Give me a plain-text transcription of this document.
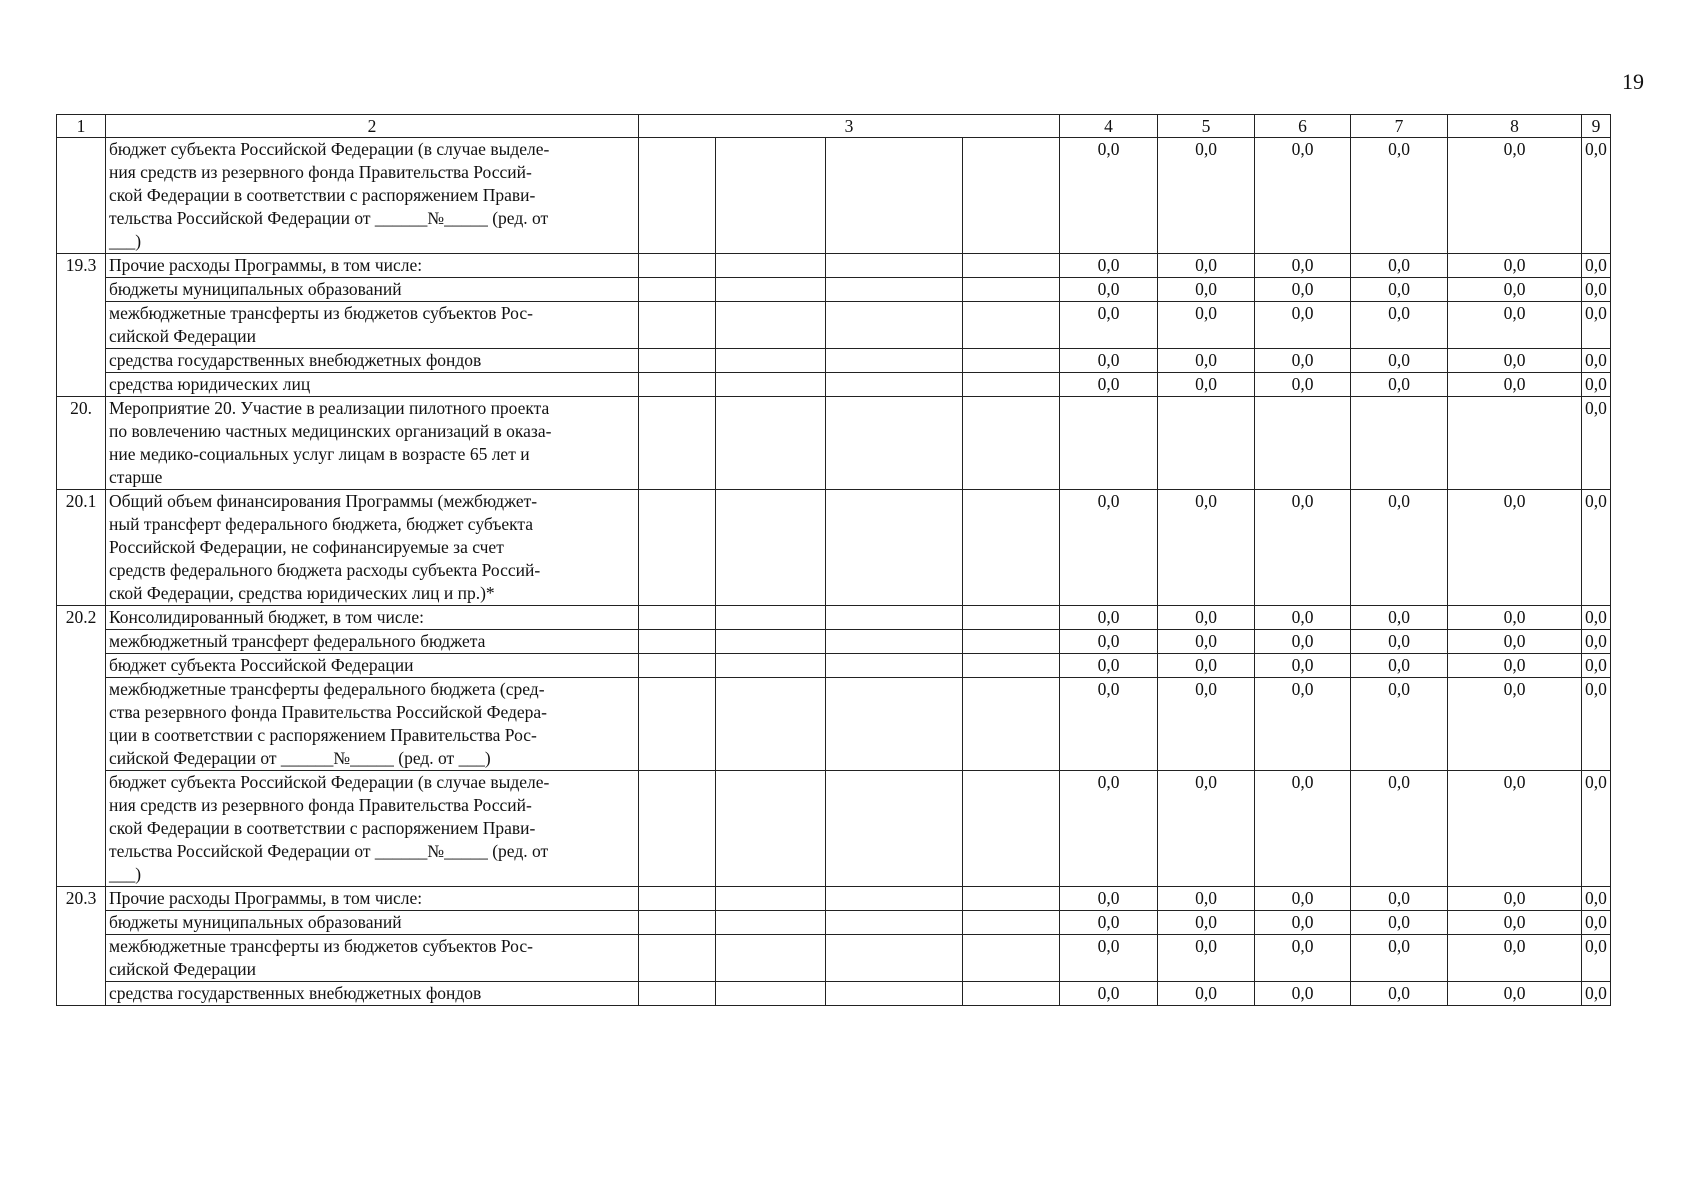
19
1	2	3				4	5	6	7	8	9
	бюджет субъекта Российской Федерации (в случае выделе-
ния средств из резервного фонда Правительства Россий-
ской Федерации в соответствии с распоряжением Прави-
тельства Российской Федерации от ______№_____ (ред. от
___)					0,0	0,0	0,0	0,0	0,0	0,0
19.3	Прочие расходы Программы, в том числе:					0,0	0,0	0,0	0,0	0,0	0,0
	бюджеты муниципальных образований					0,0	0,0	0,0	0,0	0,0	0,0
	межбюджетные трансферты из бюджетов субъектов Рос-
сийской Федерации					0,0	0,0	0,0	0,0	0,0	0,0
	средства государственных внебюджетных фондов					0,0	0,0	0,0	0,0	0,0	0,0
	средства юридических лиц					0,0	0,0	0,0	0,0	0,0	0,0
20.	Мероприятие 20. Участие в реализации пилотного проекта
по вовлечению частных медицинских организаций в оказа-
ние медико-социальных услуг лицам в возрасте 65 лет и
старше										0,0
20.1	Общий объем финансирования Программы (межбюджет-
ный трансферт федерального бюджета, бюджет субъекта
Российской Федерации, не софинансируемые за счет
средств федерального бюджета расходы субъекта Россий-
ской Федерации, средства юридических лиц и пр.)*					0,0	0,0	0,0	0,0	0,0	0,0
20.2	Консолидированный бюджет, в том числе:					0,0	0,0	0,0	0,0	0,0	0,0
	межбюджетный трансферт федерального бюджета					0,0	0,0	0,0	0,0	0,0	0,0
	бюджет субъекта Российской Федерации					0,0	0,0	0,0	0,0	0,0	0,0
	межбюджетные трансферты федерального бюджета (сред-
ства резервного фонда Правительства Российской Федера-
ции в соответствии с распоряжением Правительства Рос-
сийской Федерации от ______№_____ (ред. от ___)					0,0	0,0	0,0	0,0	0,0	0,0
	бюджет субъекта Российской Федерации (в случае выделе-
ния средств из резервного фонда Правительства Россий-
ской Федерации в соответствии с распоряжением Прави-
тельства Российской Федерации от ______№_____ (ред. от
___)					0,0	0,0	0,0	0,0	0,0	0,0
20.3	Прочие расходы Программы, в том числе:					0,0	0,0	0,0	0,0	0,0	0,0
	бюджеты муниципальных образований					0,0	0,0	0,0	0,0	0,0	0,0
	межбюджетные трансферты из бюджетов субъектов Рос-
сийской Федерации					0,0	0,0	0,0	0,0	0,0	0,0
	средства государственных внебюджетных фондов					0,0	0,0	0,0	0,0	0,0	0,0
